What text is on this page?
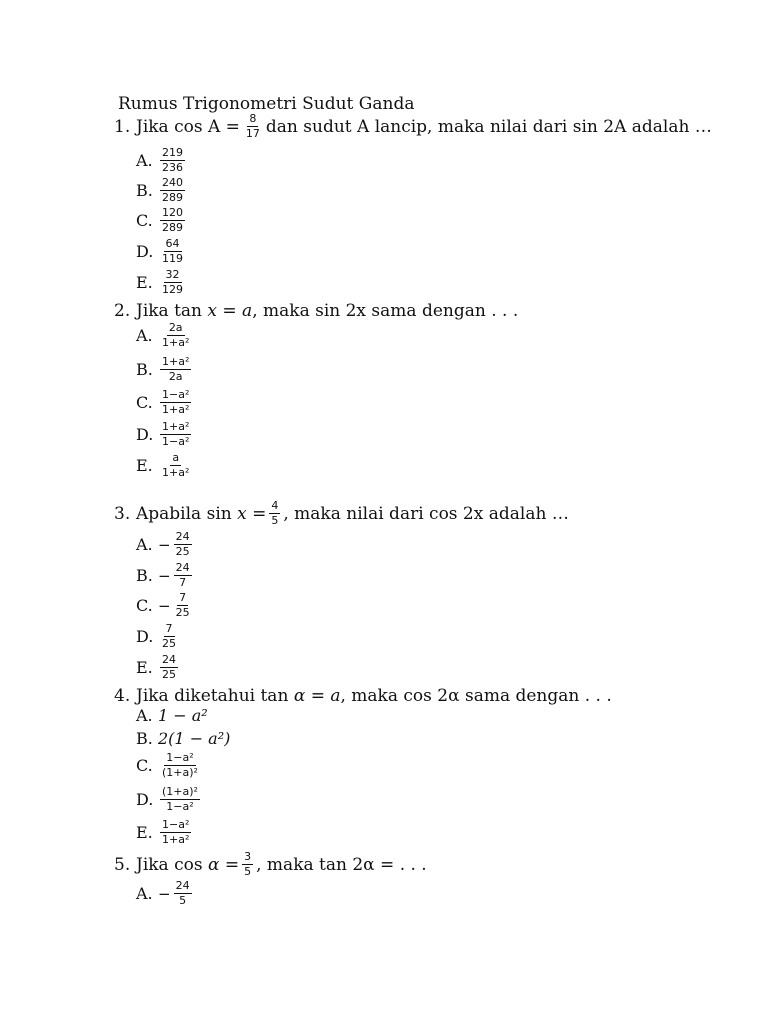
Rumus Trigonometri Sudut Ganda
1. Jika $\cos A = \frac{8}{17}$ dan sudut A lancip, maka nilai dari sin 2A adalah …
A. $\frac{219}{236}$
B. $\frac{240}{289}$
C. $\frac{120}{289}$
D. $\frac{64}{119}$
E. $\frac{32}{129}$
2. Jika tan
x = a , maka sin 2x sama dengan . . .
A. $\frac{2a}{\text{1+a²}}$
B. $\frac{\text{1+a²}}{2a}$
C. $\frac{\text{1−a²}}{\text{1+a²}}$
D. $\frac{\text{1+a²}}{\text{1−a²}}$
E. $\frac{a}{\text{1+a²}}$
3. Apabila sin
$x = \frac{4}{5}$ , maka nilai dari cos 2x adalah …
A. − $\frac{24}{25}$
B. − $\frac{24}{7}$
C. − $\frac{7}{25}$
D. $\frac{7}{25}$
E. $\frac{24}{25}$
4. Jika diketahui tan
α = a , maka cos 2α sama dengan . . .
A. 1 − a²
B. 2(1 − a²)
C. $\frac{\text{1−a²}}{\text{(1+a)²}}$
D. $\frac{\text{(1+a)²}}{\text{1−a²}}$
E. $\frac{\text{1−a²}}{\text{1+a²}}$
5. Jika cos
$\alpha = \frac{3}{5}$ , maka tan 2α = . . .
A. − $\frac{24}{5}$
